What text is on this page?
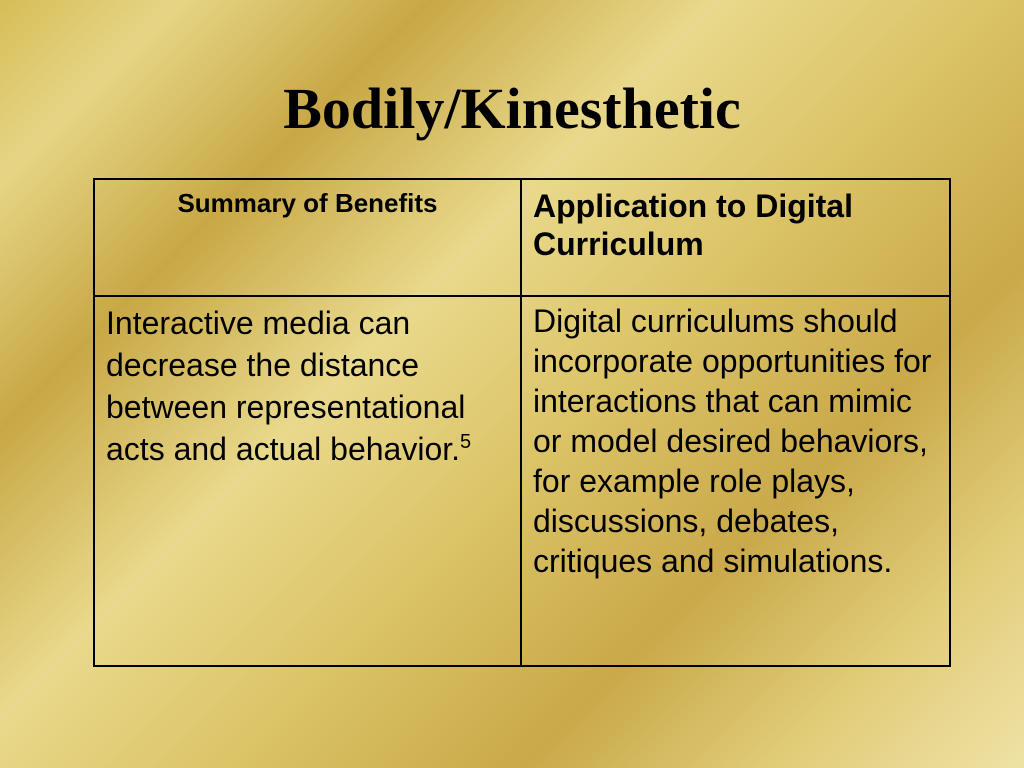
Bodily/Kinesthetic
Summary of Benefits	Application to Digital Curriculum
Interactive media can decrease the distance between representational acts and actual behavior.$^5$	Digital curriculums should incorporate opportunities for interactions that can mimic or model desired behaviors, for example role plays, discussions, debates, critiques and simulations.
